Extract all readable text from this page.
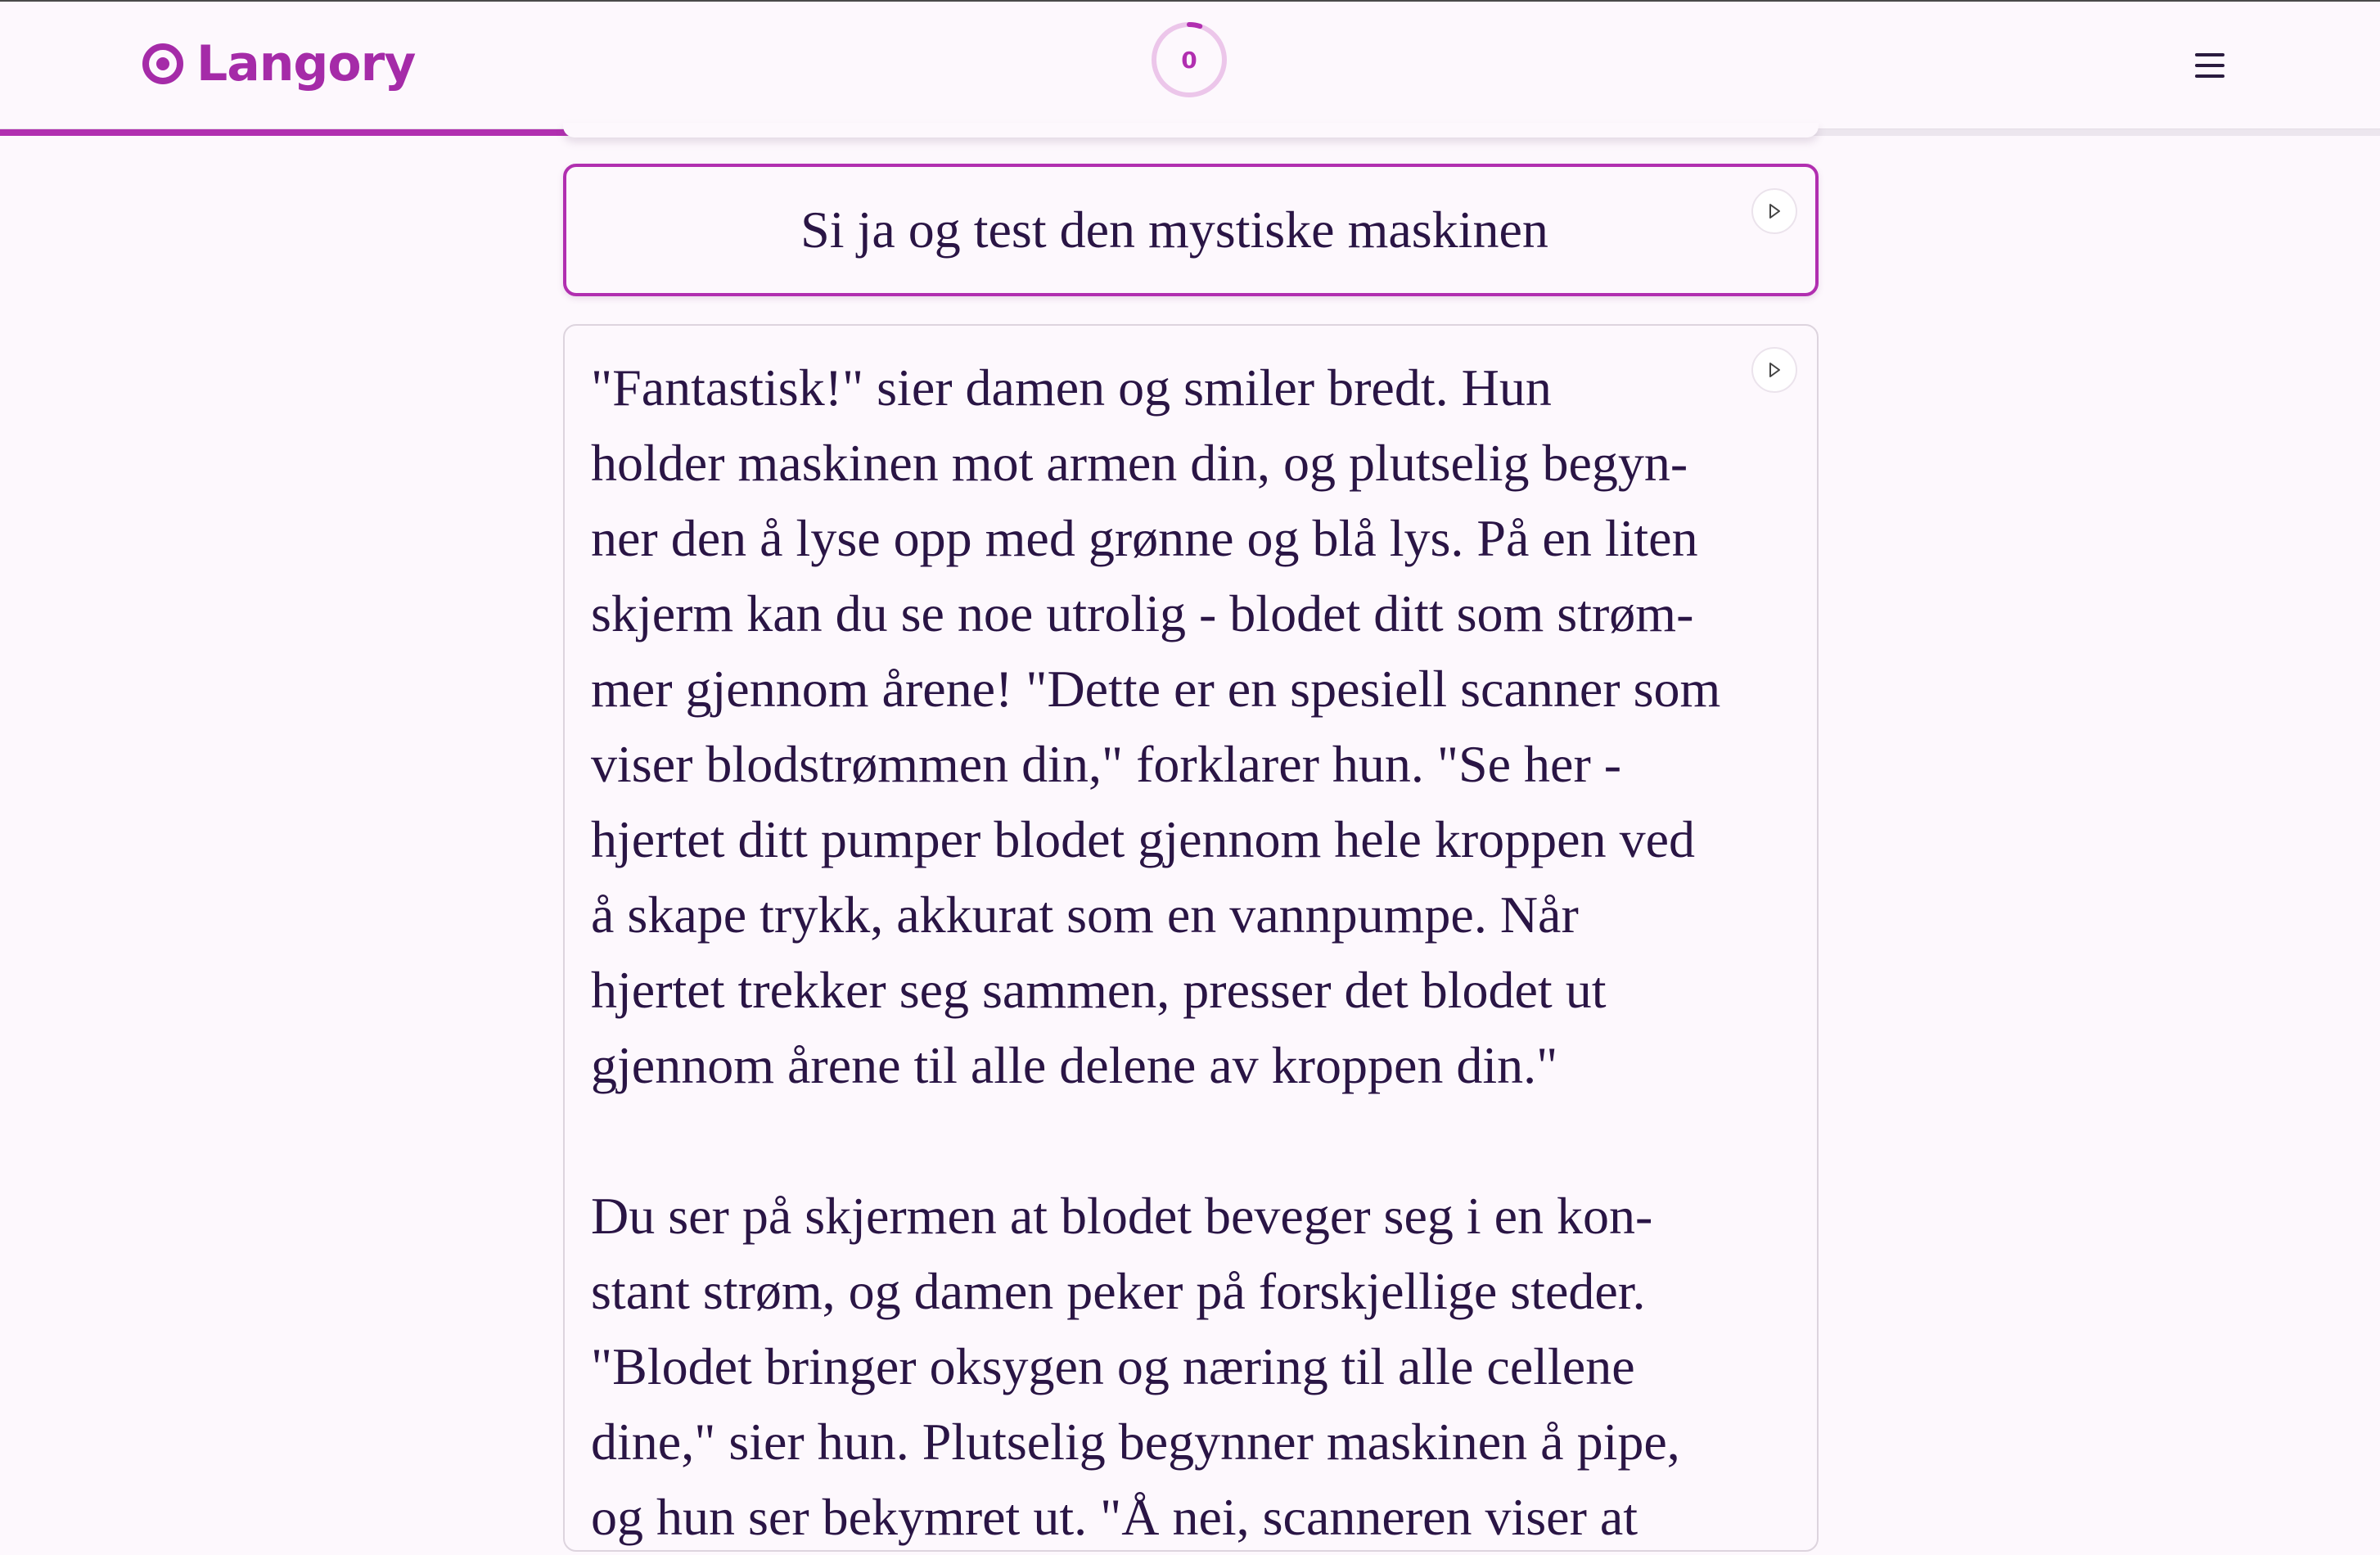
Langory	0
Si ja og test den mystiske maskinen
"Fantastisk!" sier damen og smiler bredt. Hun
holder maskinen mot armen din, og plutselig begyn-
ner den å lyse opp med grønne og blå lys. På en liten
skjerm kan du se noe utrolig - blodet ditt som strøm-
mer gjennom årene! "Dette er en spesiell scanner som
viser blodstrømmen din," forklarer hun. "Se her -
hjertet ditt pumper blodet gjennom hele kroppen ved
å skape trykk, akkurat som en vannpumpe. Når
hjertet trekker seg sammen, presser det blodet ut
gjennom årene til alle delene av kroppen din."
Du ser på skjermen at blodet beveger seg i en kon-
stant strøm, og damen peker på forskjellige steder.
"Blodet bringer oksygen og næring til alle cellene
dine," sier hun. Plutselig begynner maskinen å pipe,
og hun ser bekymret ut. "Å nei, scanneren viser at
